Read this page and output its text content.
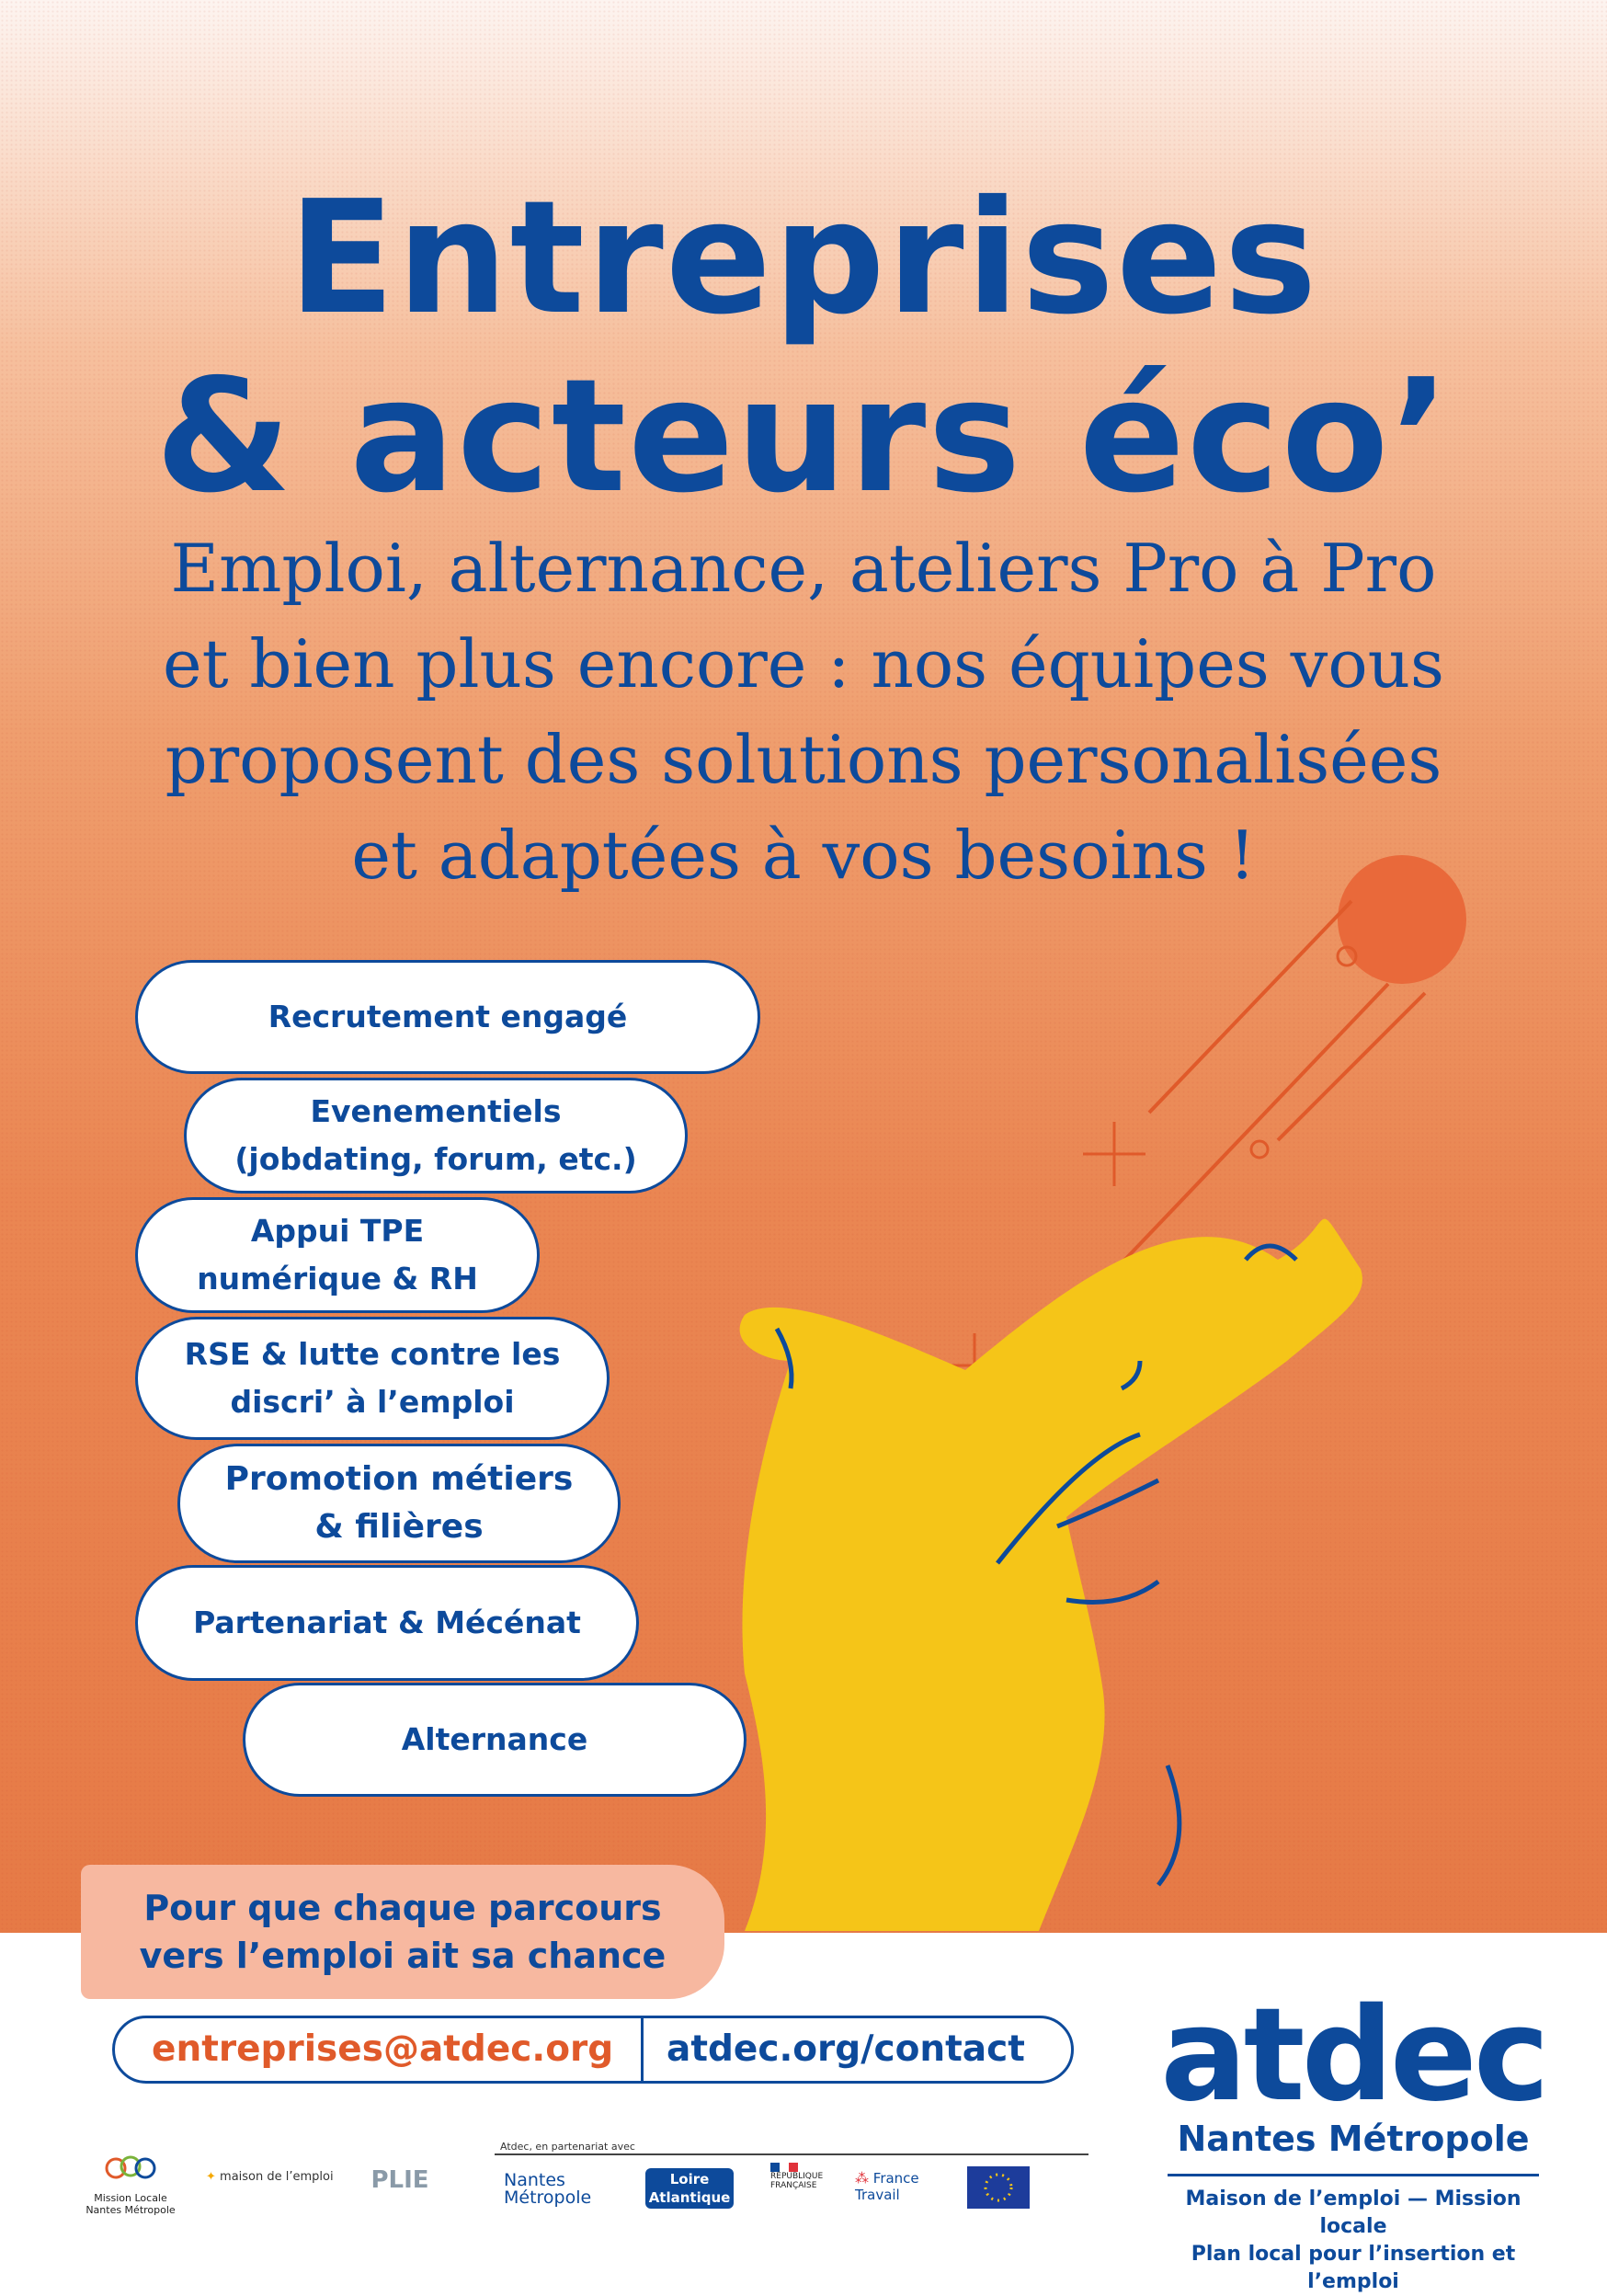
Entreprises
& acteurs éco’
Emploi, alternance, ateliers Pro à Pro
et bien plus encore : nos équipes vous
proposent des solutions personalisées
et adaptées à vos besoins !
Recrutement engagé
Evenementiels
(jobdating, forum, etc.)
Appui TPE
numérique & RH
RSE & lutte contre les
discri’ à l’emploi
Promotion métiers
& filières
Partenariat & Mécénat
Alternance
Pour que chaque parcours
vers l’emploi ait sa chance
entreprises@atdec.org atdec.org/contact atdec
Nantes Métropole
Maison de l’emploi — Mission locale
Plan local pour l’insertion et l’emploi
Atdec, en partenariat avec
Mission Locale Nantes Métropole
✦ maison de l’emploi	PLIE	Nantes Métropole
Loire Atlantique
RÉPUBLIQUE FRANÇAISE	⁂ France Travail
